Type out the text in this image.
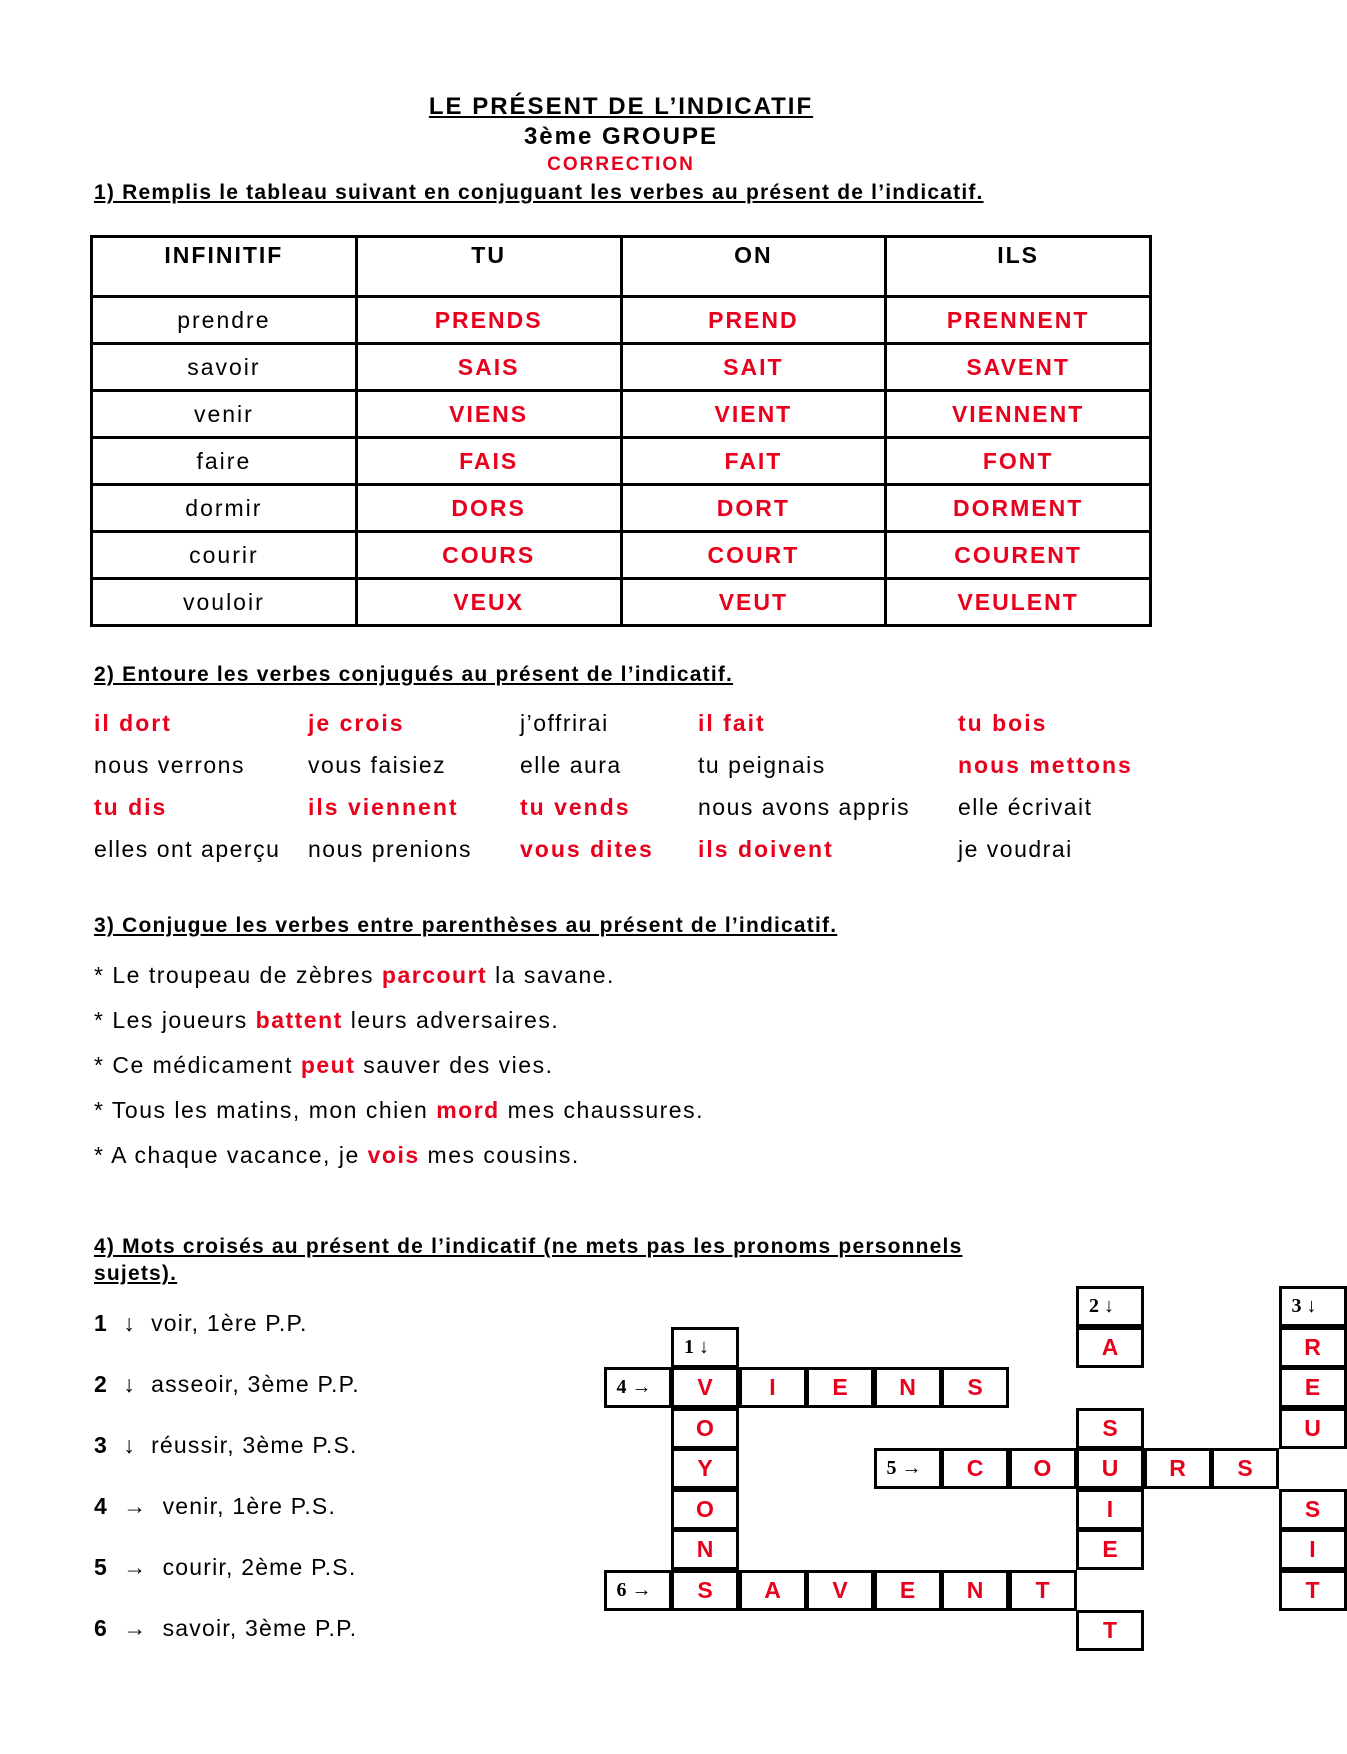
LE PRÉSENT DE L’INDICATIF
3ème GROUPE
CORRECTION
1) Remplis le tableau suivant en conjuguant les verbes au présent de l’indicatif.
INFINITIF	TU	ON	ILS
prendre	PRENDS	PREND	PRENNENT
savoir	SAIS	SAIT	SAVENT
venir	VIENS	VIENT	VIENNENT
faire	FAIS	FAIT	FONT
dormir	DORS	DORT	DORMENT
courir	COURS	COURT	COURENT
vouloir	VEUX	VEUT	VEULENT
2) Entoure les verbes conjugués au présent de l’indicatif.
il dort	je crois	j’offrirai	il fait	tu bois
nous verrons	vous faisiez	elle aura	tu peignais	nous mettons
tu dis	ils viennent	tu vends	nous avons appris	elle écrivait
elles ont aperçu	nous prenions	vous dites	ils doivent	je voudrai
3) Conjugue les verbes entre parenthèses au présent de l’indicatif.
* Le troupeau de zèbres parcourt la savane.
* Les joueurs battent leurs adversaires.
* Ce médicament peut sauver des vies.
* Tous les matins, mon chien mord mes chaussures.
* A chaque vacance, je vois mes cousins.
4) Mots croisés au présent de l’indicatif (ne mets pas les pronoms personnels
sujets).
1 ↓ voir, 1ère P.P.
2 ↓ asseoir, 3ème P.P.
3 ↓ réussir, 3ème P.S.
4 → venir, 1ère P.S.
5 → courir, 2ème P.S.
6 → savoir, 3ème P.P.
2 ↓	3 ↓
1 ↓	A	R
4 →	V	I	E	N	S	E
O	S	U
Y	5 →	C	O	U	R	S
O	I	S
N	E	I
6 →	S	A	V	E	N	T	T
T
